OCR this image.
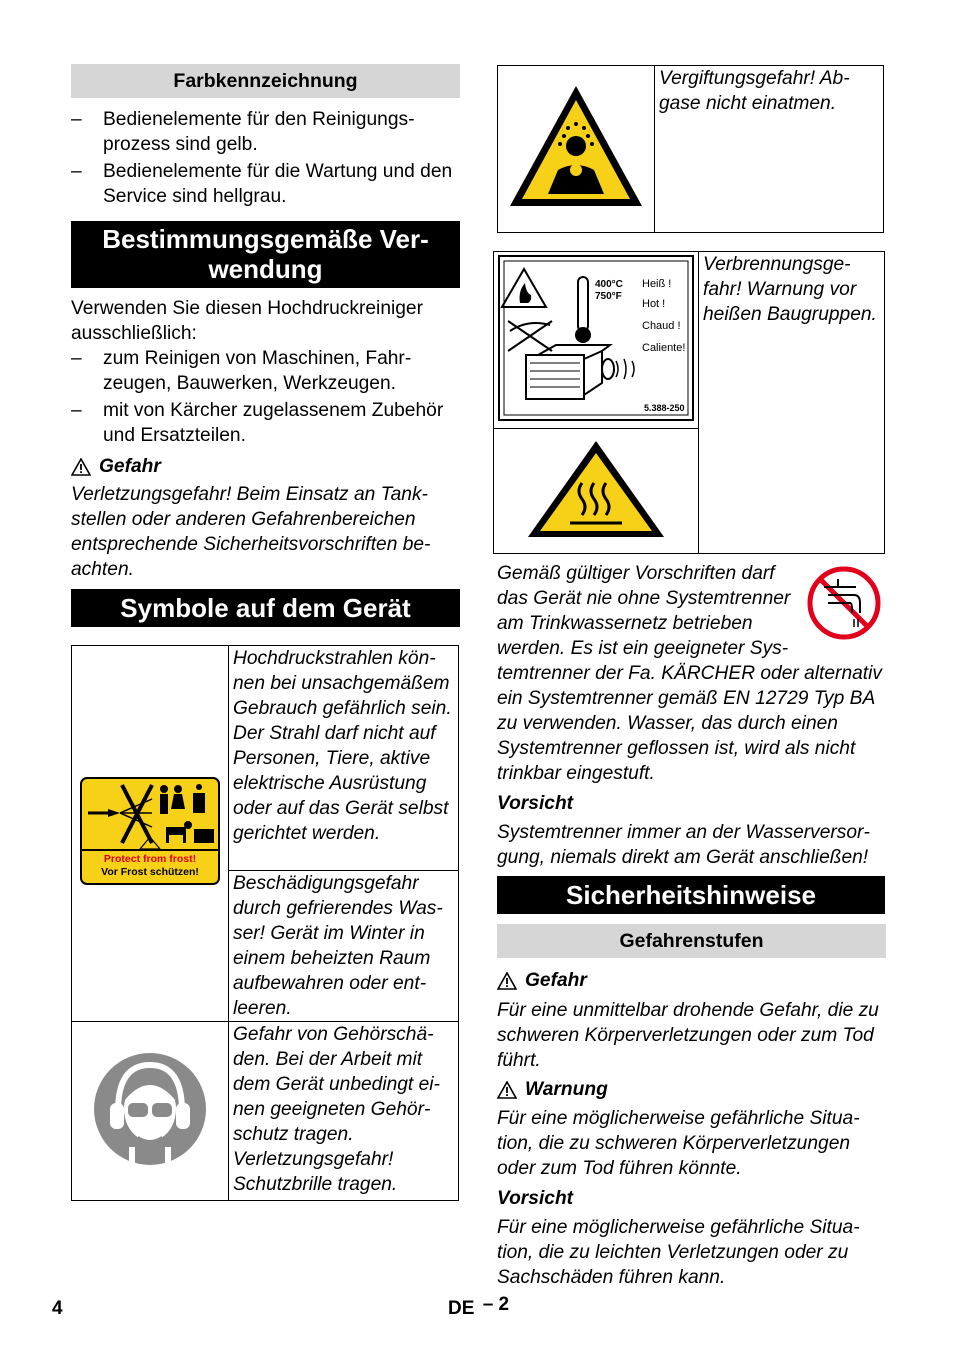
Farbkennzeichnung
– Bedienelemente für den Reinigungsprozess sind gelb.
– Bedienelemente für die Wartung und den Service sind hellgrau.
Bestimmungsgemäße Verwendung

Verwenden Sie diesen Hochdruckreiniger ausschließlich:

– zum Reinigen von Maschinen, Fahrzeugen, Bauwerken, Werkzeugen.
– mit von Kärcher zugelassenem Zubehör und Ersatzteilen.
Gefahr

Verletzungsgefahr! Beim Einsatz an Tankstellen oder anderen Gefahrenbereichen entsprechende Sicherheitsvorschriften beachten.

Symbole auf dem Gerät
Protect from frost!
Vor Frost schützen!	Hochdruckstrahlen können bei unsachgemäßem Gebrauch gefährlich sein. Der Strahl darf nicht auf Personen, Tiere, aktive elektrische Ausrüstung oder auf das Gerät selbst gerichtet werden.
	Beschädigungsgefahr durch gefrierendes Wasser! Gerät im Winter in einem beheizten Raum aufbewahren oder entleeren.
	Gefahr von Gehörschäden. Bei der Arbeit mit dem Gerät unbedingt einen geeigneten Gehörschutz tragen. Verletzungsgefahr! Schutzbrille tragen.
	Vergiftungsgefahr! Abgase nicht einatmen.
400°C
750°F
Heiß !
Hot !
Chaud !
Caliente!
5.388-250
	Verbrennungsgefahr! Warnung vor heißen Baugruppen.

Gemäß gültiger Vorschriften darf das Gerät nie ohne Systemtrenner am Trinkwassernetz betrieben werden. Es ist ein geeigneter Systemtrenner der Fa. KÄRCHER oder alternativ ein Systemtrenner gemäß EN 12729 Typ BA zu verwenden. Wasser, das durch einen Systemtrenner geflossen ist, wird als nicht trinkbar eingestuft.

Vorsicht

Systemtrenner immer an der Wasserversorgung, niemals direkt am Gerät anschließen!

Sicherheitshinweise
Gefahrenstufen
Gefahr

Für eine unmittelbar drohende Gefahr, die zu schweren Körperverletzungen oder zum Tod führt.

Warnung

Für eine möglicherweise gefährliche Situation, die zu schweren Körperverletzungen oder zum Tod führen könnte.

Vorsicht

Für eine möglicherweise gefährliche Situation, die zu leichten Verletzungen oder zu Sachschäden führen kann.

4	DE – 2
